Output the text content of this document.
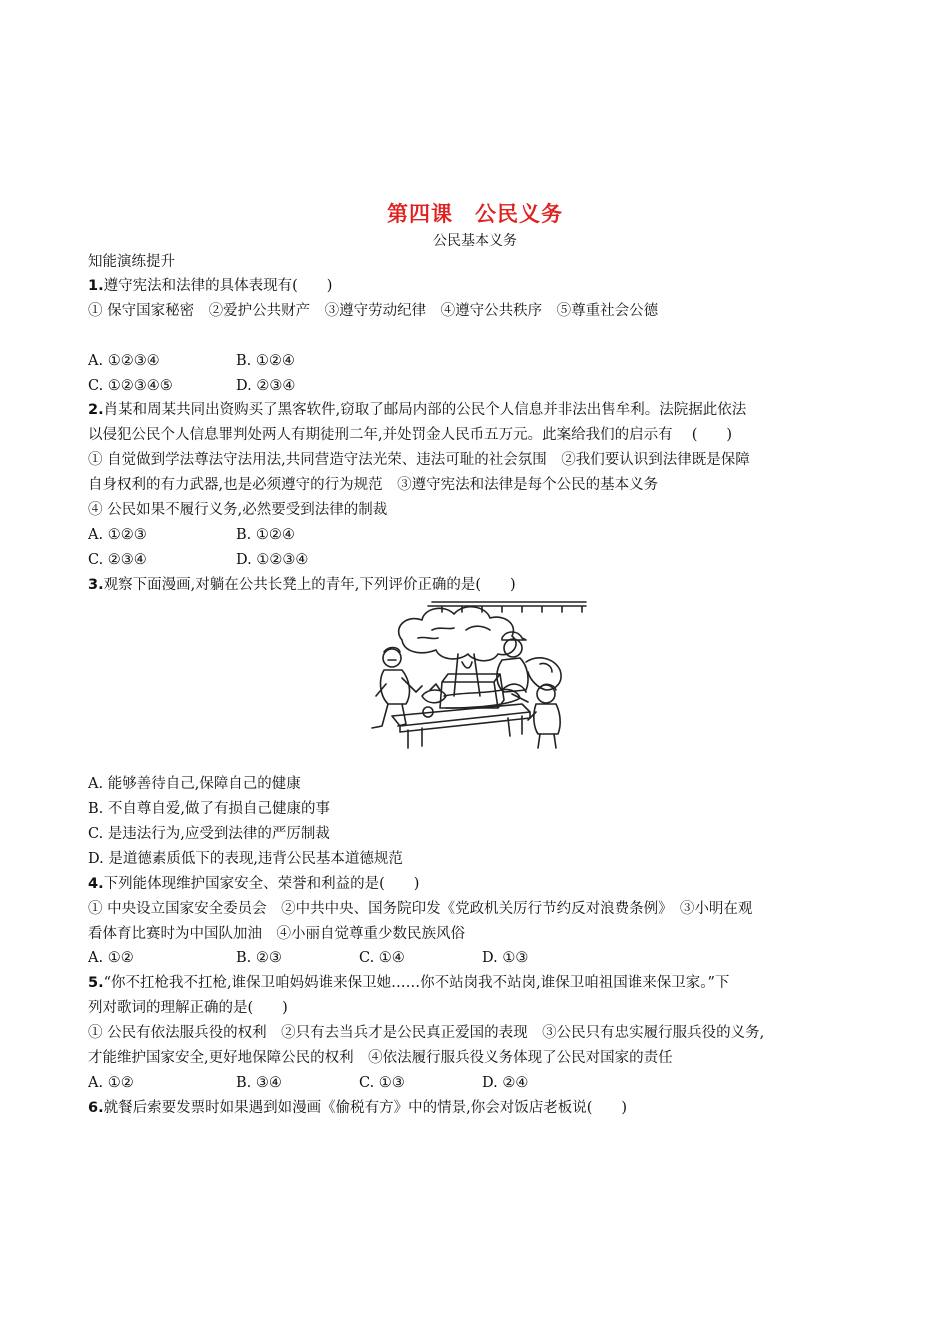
第四课　公民义务
公民基本义务
知能演练提升
1.遵守宪法和法律的具体表现有(　　)
① 保守国家秘密　②爱护公共财产　③遵守劳动纪律　④遵守公共秩序　⑤尊重社会公德
A. ①②③④	B. ①②④
C. ①②③④⑤	D. ②③④
2.肖某和周某共同出资购买了黑客软件,窃取了邮局内部的公民个人信息并非法出售牟利。法院据此依法
以侵犯公民个人信息罪判处两人有期徒刑二年,并处罚金人民币五万元。此案给我们的启示有　 (　　)
① 自觉做到学法尊法守法用法,共同营造守法光荣、违法可耻的社会氛围　②我们要认识到法律既是保障
自身权利的有力武器,也是必须遵守的行为规范　③遵守宪法和法律是每个公民的基本义务
④ 公民如果不履行义务,必然要受到法律的制裁
A. ①②③	B. ①②④
C. ②③④	D. ①②③④
3.观察下面漫画,对躺在公共长凳上的青年,下列评价正确的是(　　)
A. 能够善待自己,保障自己的健康
B. 不自尊自爱,做了有损自己健康的事
C. 是违法行为,应受到法律的严厉制裁
D. 是道德素质低下的表现,违背公民基本道德规范
4.下列能体现维护国家安全、荣誉和利益的是(　　)
① 中央设立国家安全委员会　②中共中央、国务院印发《党政机关厉行节约反对浪费条例》　③小明在观
看体育比赛时为中国队加油　④小丽自觉尊重少数民族风俗
A. ①②	B. ②③	C. ①④	D. ①③
5.“你不扛枪我不扛枪,谁保卫咱妈妈谁来保卫她……你不站岗我不站岗,谁保卫咱祖国谁来保卫家。”下
列对歌词的理解正确的是(　　)
① 公民有依法服兵役的权利　②只有去当兵才是公民真正爱国的表现　③公民只有忠实履行服兵役的义务,
才能维护国家安全,更好地保障公民的权利　④依法履行服兵役义务体现了公民对国家的责任
A. ①②	B. ③④	C. ①③	D. ②④
6.就餐后索要发票时如果遇到如漫画《偷税有方》中的情景,你会对饭店老板说(　　)
